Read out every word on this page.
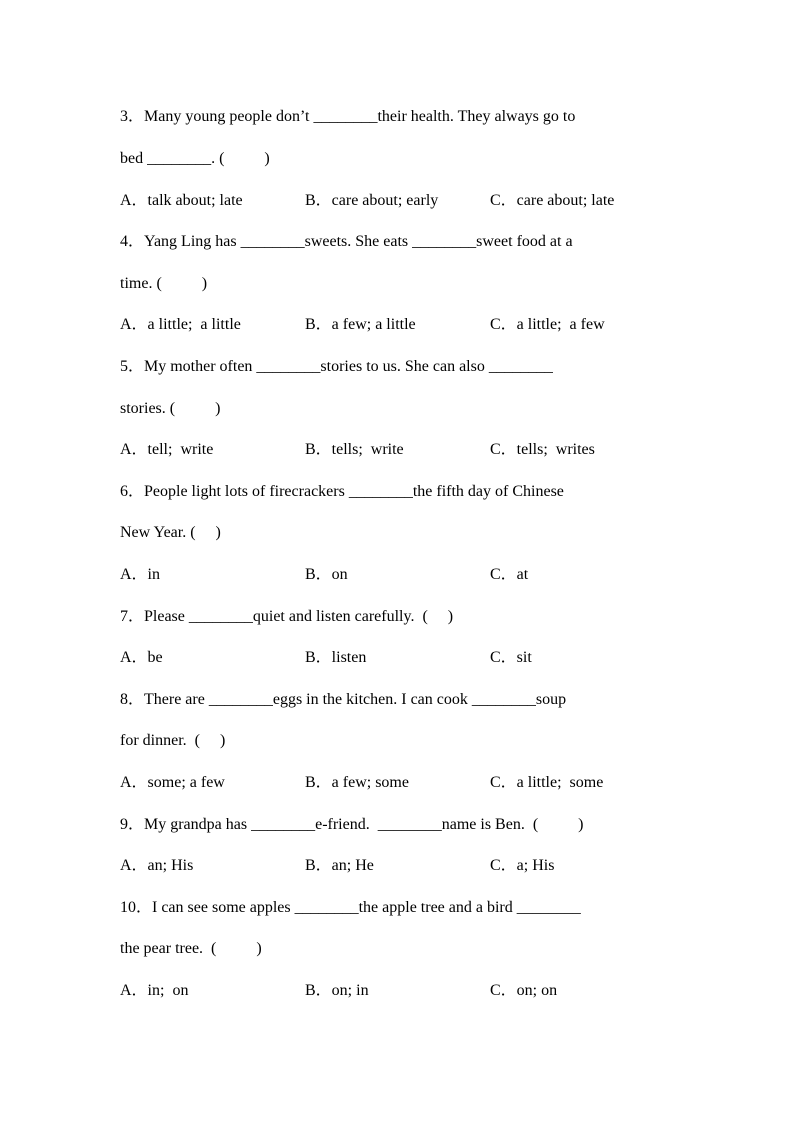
3．Many young people don’t ________their health. They always go to
bed ________. (          )
A．talk about; late	B．care about; early	C．care about; late
4．Yang Ling has ________sweets. She eats ________sweet food at a
time. (          )
A．a little;  a little	B．a few; a little	C．a little;  a few
5．My mother often ________stories to us. She can also ________
stories. (          )
A．tell;  write	B．tells;  write	C．tells;  writes
6．People light lots of firecrackers ________the fifth day of Chinese
New Year. (     )
A．in	B．on	C．at
7．Please ________quiet and listen carefully.  (     )
A．be	B．listen	C．sit
8．There are ________eggs in the kitchen. I can cook ________soup
for dinner.  (     )
A．some; a few	B．a few; some	C．a little;  some
9．My grandpa has ________e-friend.  ________name is Ben.  (          )
A．an; His	B．an; He	C．a; His
10．I can see some apples ________the apple tree and a bird ________
the pear tree.  (          )
A．in;  on	B．on; in	C．on; on
